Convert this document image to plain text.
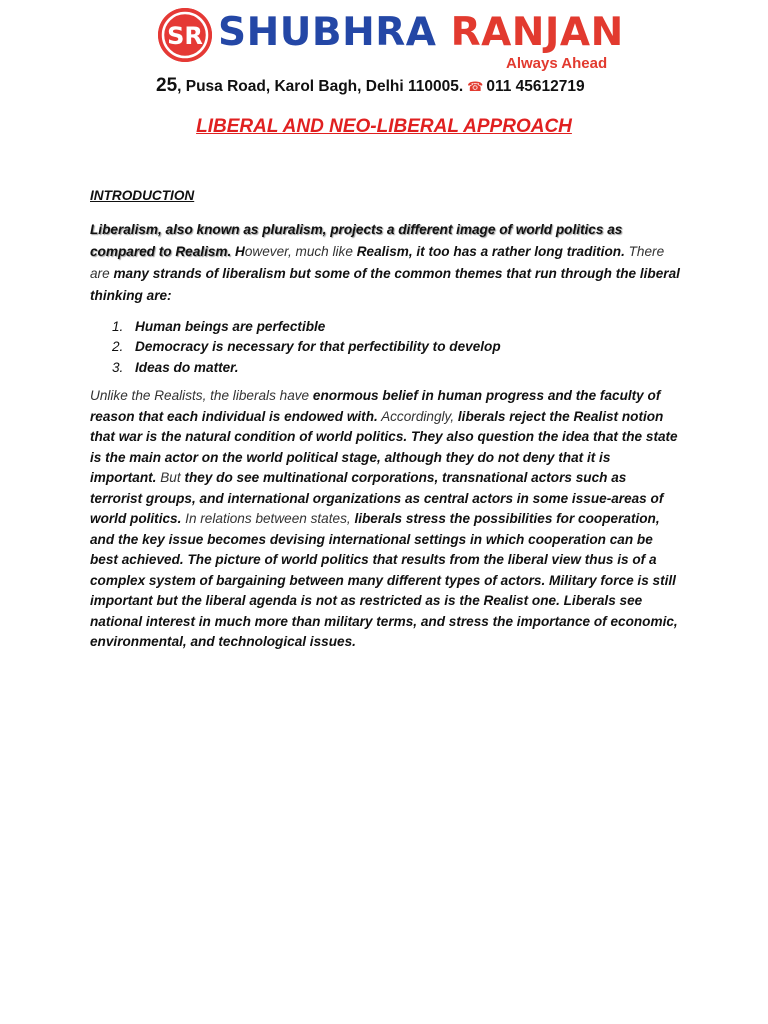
SR SHUBHRA RANJAN
Always Ahead
25, Pusa Road, Karol Bagh, Delhi 110005. ☎ 011 45612719
LIBERAL AND NEO-LIBERAL APPROACH
INTRODUCTION

Liberalism, also known as pluralism, projects a different image of world politics as compared to Realism. However, much like Realism, it too has a rather long tradition. There are many strands of liberalism but some of the common themes that run through the liberal thinking are:

1. Human beings are perfectible
2. Democracy is necessary for that perfectibility to develop
3. Ideas do matter.

Unlike the Realists, the liberals have enormous belief in human progress and the faculty of reason that each individual is endowed with. Accordingly, liberals reject the Realist notion that war is the natural condition of world politics. They also question the idea that the state is the main actor on the world political stage, although they do not deny that it is important. But they do see multinational corporations, transnational actors such as terrorist groups, and international organizations as central actors in some issue-areas of world politics. In relations between states, liberals stress the possibilities for cooperation, and the key issue becomes devising international settings in which cooperation can be best achieved. The picture of world politics that results from the liberal view thus is of a complex system of bargaining between many different types of actors. Military force is still important but the liberal agenda is not as restricted as is the Realist one. Liberals see national interest in much more than military terms, and stress the importance of economic, environmental, and technological issues.
